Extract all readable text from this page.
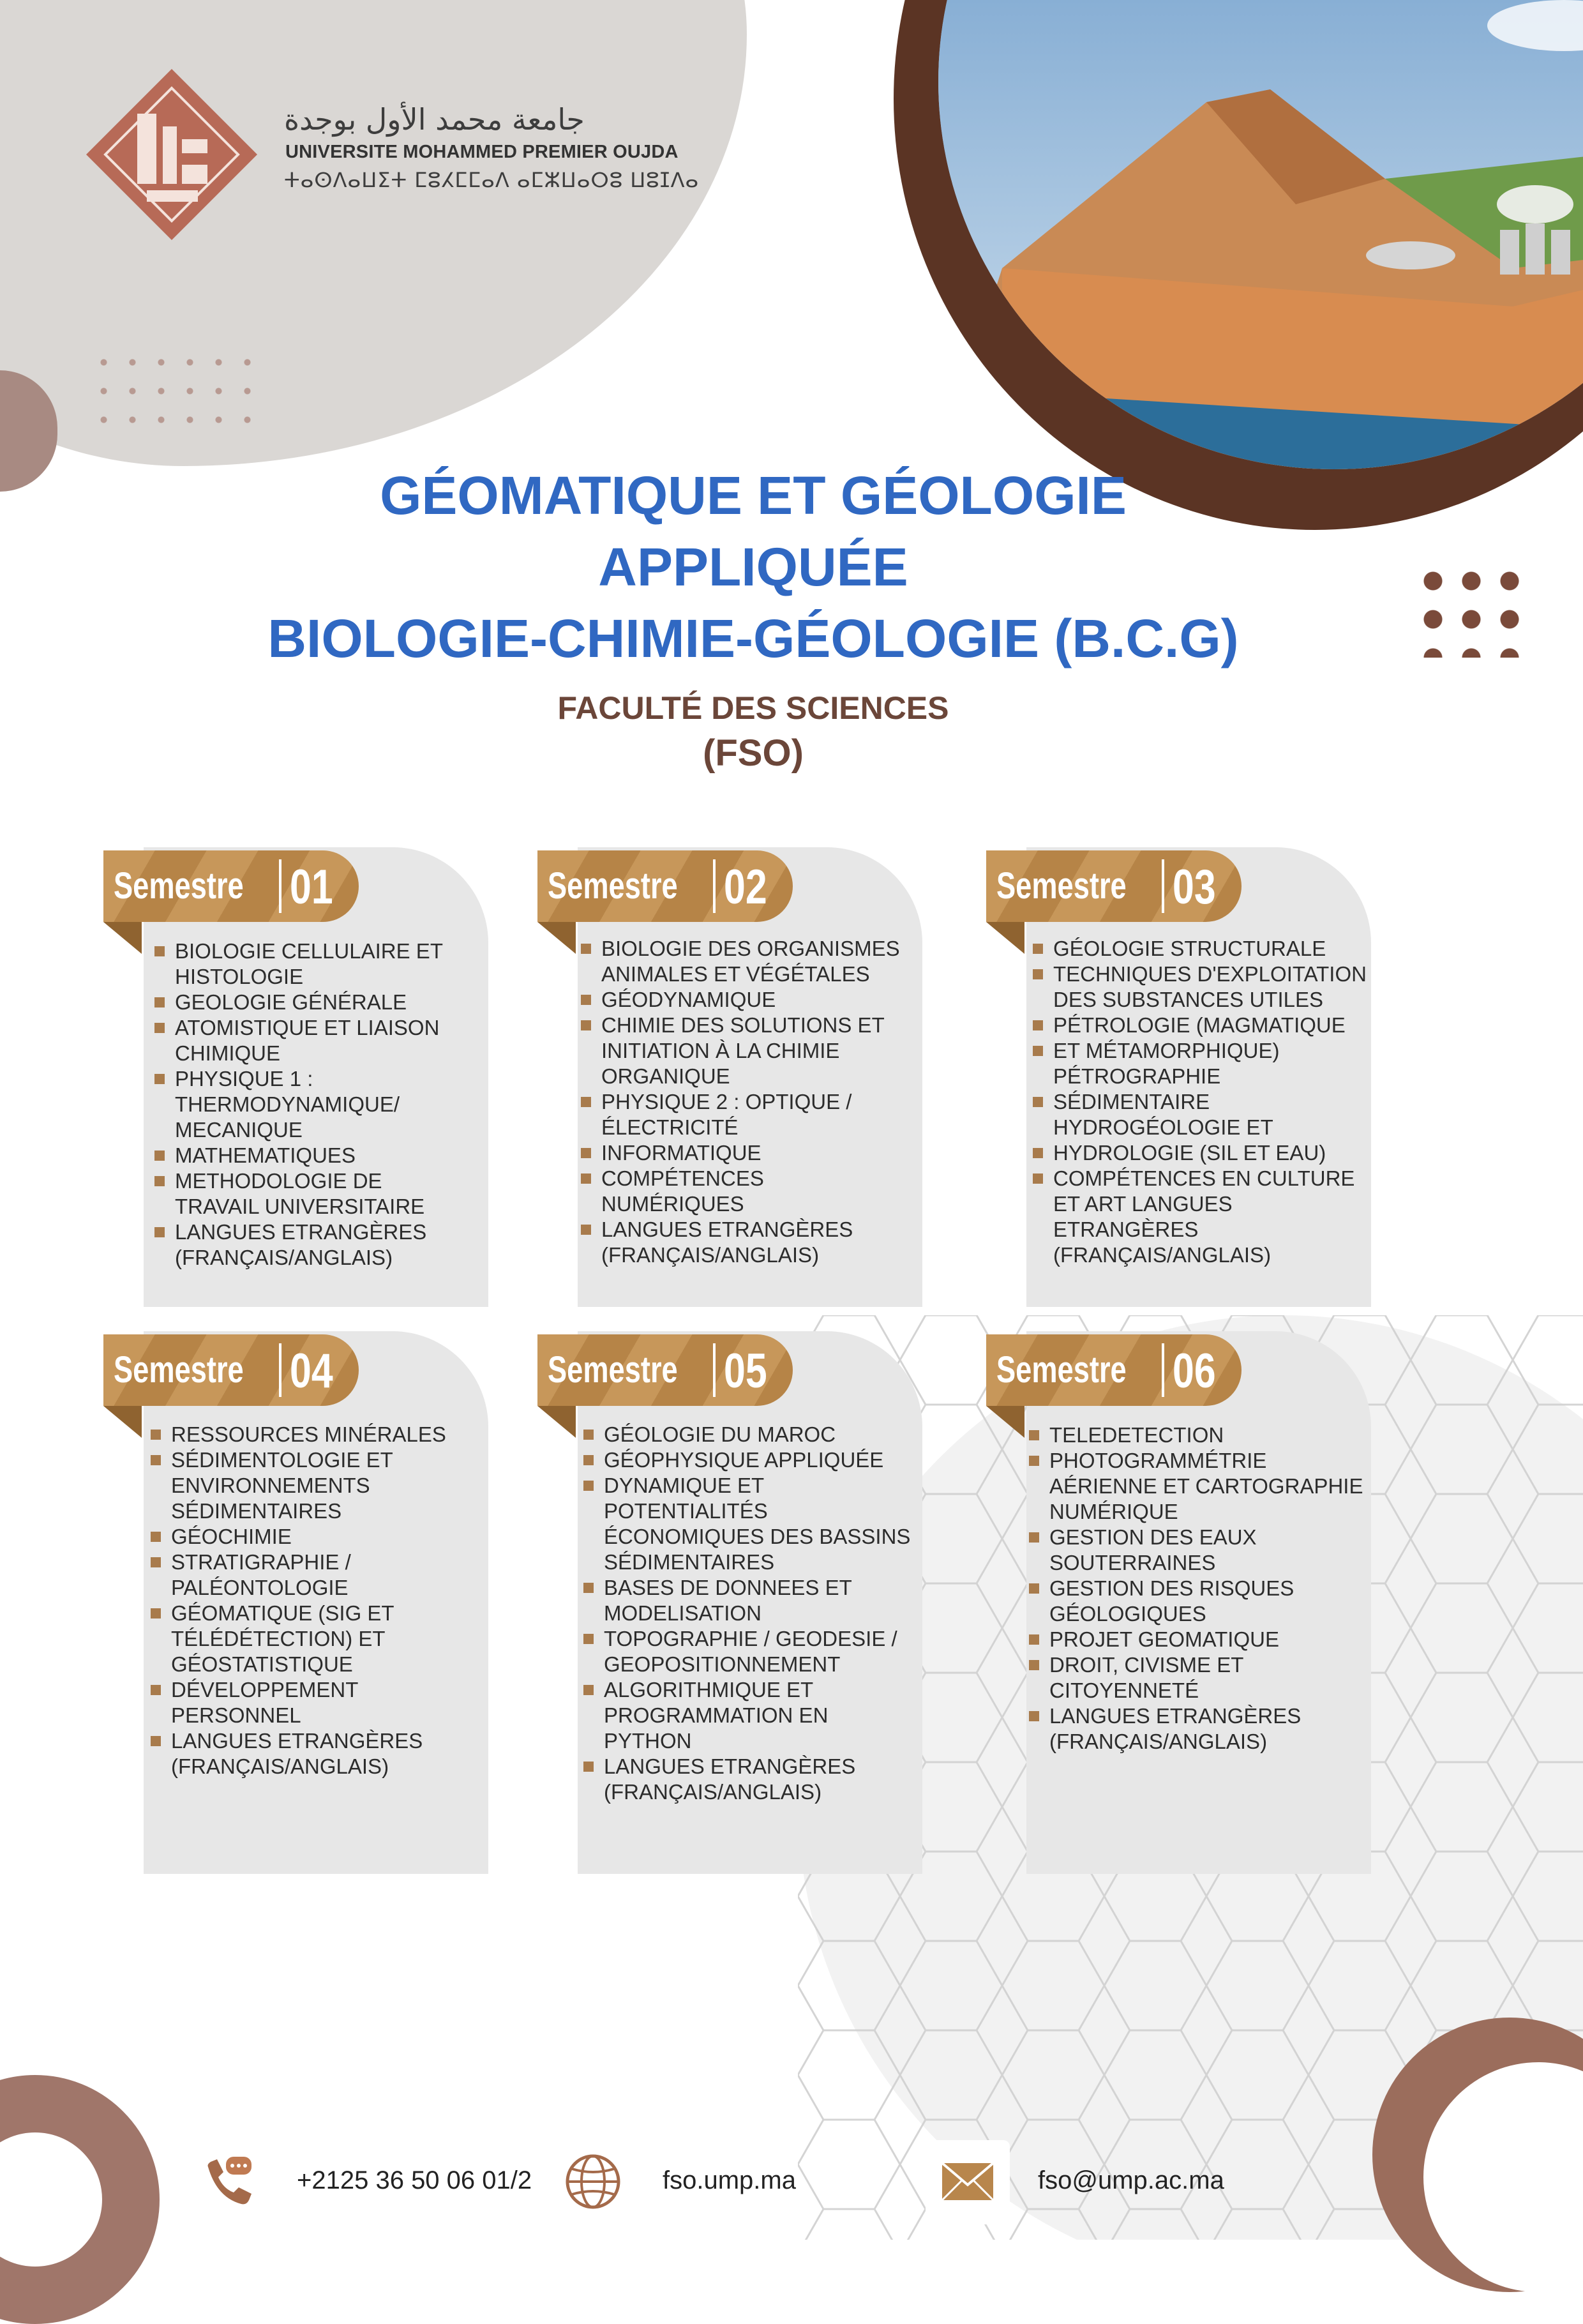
جامعة محمد الأول بوجدة
UNIVERSITE MOHAMMED PREMIER OUJDA
ⵜⴰⵙⴷⴰⵡⵉⵜ ⵎⵓⵃⵎⵎⴰⴷ ⴰⵎⵣⵡⴰⵔⵓ ⵡⵓⵊⴷⴰ
GÉOMATIQUE ET GÉOLOGIE
APPLIQUÉE
BIOLOGIE-CHIMIE-GÉOLOGIE (B.C.G)
FACULTÉ DES SCIENCES
(FSO)
Semestre 01
BIOLOGIE CELLULAIRE ET HISTOLOGIE
GEOLOGIE GÉNÉRALE
ATOMISTIQUE ET LIAISON CHIMIQUE
PHYSIQUE 1 : THERMODYNAMIQUE/ MECANIQUE
MATHEMATIQUES
METHODOLOGIE DE TRAVAIL UNIVERSITAIRE
LANGUES ETRANGÈRES (FRANÇAIS/ANGLAIS)
Semestre 02
BIOLOGIE DES ORGANISMES ANIMALES ET VÉGÉTALES
GÉODYNAMIQUE
CHIMIE DES SOLUTIONS ET INITIATION À LA CHIMIE ORGANIQUE
PHYSIQUE 2 : OPTIQUE / ÉLECTRICITÉ
INFORMATIQUE
COMPÉTENCES NUMÉRIQUES
LANGUES ETRANGÈRES (FRANÇAIS/ANGLAIS)
Semestre 03
GÉOLOGIE STRUCTURALE
TECHNIQUES D'EXPLOITATION DES SUBSTANCES UTILES
PÉTROLOGIE (MAGMATIQUE
ET MÉTAMORPHIQUE) PÉTROGRAPHIE
SÉDIMENTAIRE HYDROGÉOLOGIE ET
HYDROLOGIE (SIL ET EAU)
COMPÉTENCES EN CULTURE ET ART LANGUES ETRANGÈRES (FRANÇAIS/ANGLAIS)
Semestre 04
RESSOURCES MINÉRALES
SÉDIMENTOLOGIE ET ENVIRONNEMENTS SÉDIMENTAIRES
GÉOCHIMIE
STRATIGRAPHIE / PALÉONTOLOGIE
GÉOMATIQUE (SIG ET TÉLÉDÉTECTION) ET GÉOSTATISTIQUE
DÉVELOPPEMENT PERSONNEL
LANGUES ETRANGÈRES (FRANÇAIS/ANGLAIS)
Semestre 05
GÉOLOGIE DU MAROC
GÉOPHYSIQUE APPLIQUÉE
DYNAMIQUE ET POTENTIALITÉS ÉCONOMIQUES DES BASSINS SÉDIMENTAIRES
BASES DE DONNEES ET MODELISATION
TOPOGRAPHIE / GEODESIE / GEOPOSITIONNEMENT
ALGORITHMIQUE ET PROGRAMMATION EN PYTHON
LANGUES ETRANGÈRES (FRANÇAIS/ANGLAIS)
Semestre 06
TELEDETECTION
PHOTOGRAMMÉTRIE AÉRIENNE ET CARTOGRAPHIE NUMÉRIQUE
GESTION DES EAUX SOUTERRAINES
GESTION DES RISQUES GÉOLOGIQUES
PROJET GEOMATIQUE
DROIT, CIVISME ET CITOYENNETÉ
LANGUES ETRANGÈRES (FRANÇAIS/ANGLAIS)
+2125 36 50 06 01/2	fso.ump.ma	fso@ump.ac.ma
